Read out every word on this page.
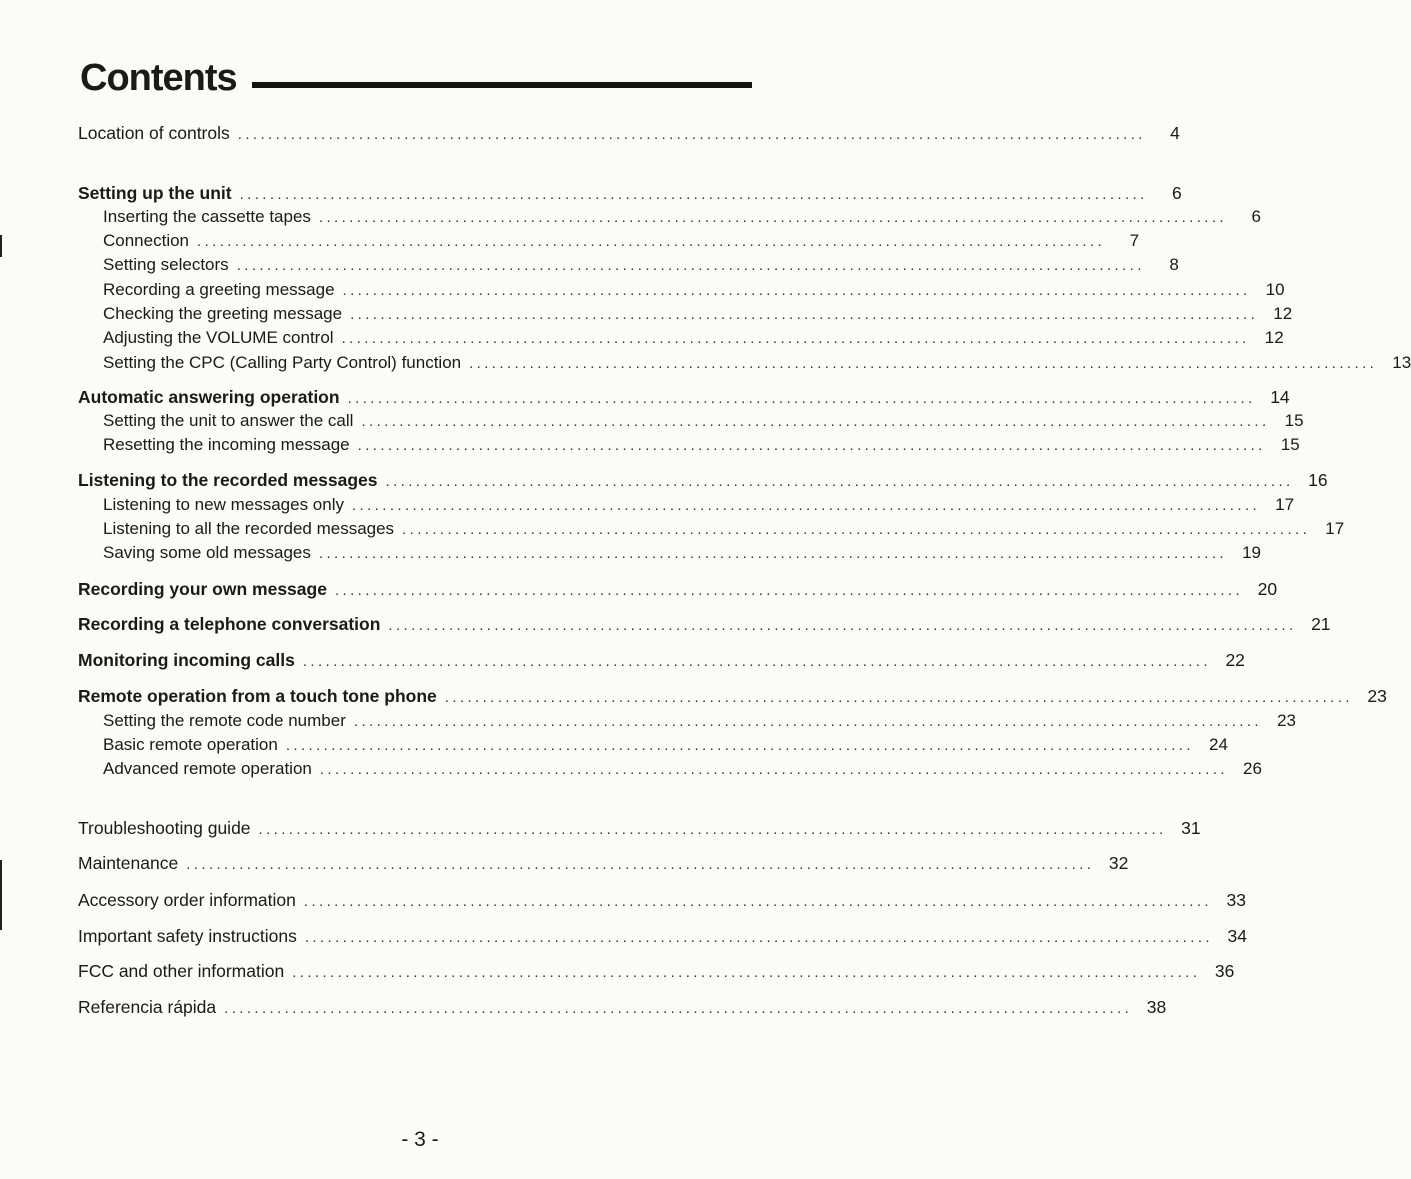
Contents
Location of controls ........................................................................................................................	4
Setting up the unit ........................................................................................................................	6
Inserting the cassette tapes ........................................................................................................................	6
Connection ........................................................................................................................	7
Setting selectors ........................................................................................................................	8
Recording a greeting message ........................................................................................................................ 10
Checking the greeting message ........................................................................................................................ 12
Adjusting the VOLUME control ........................................................................................................................ 12
Setting the CPC (Calling Party Control) function ........................................................................................................................ 13
Automatic answering operation ........................................................................................................................ 14
Setting the unit to answer the call ........................................................................................................................ 15
Resetting the incoming message ........................................................................................................................ 15
Listening to the recorded messages ........................................................................................................................ 16
Listening to new messages only ........................................................................................................................ 17
Listening to all the recorded messages ........................................................................................................................ 17
Saving some old messages ........................................................................................................................ 19
Recording your own message ........................................................................................................................ 20
Recording a telephone conversation ........................................................................................................................ 21
Monitoring incoming calls ........................................................................................................................ 22
Remote operation from a touch tone phone ........................................................................................................................ 23
Setting the remote code number ........................................................................................................................ 23
Basic remote operation ........................................................................................................................ 24
Advanced remote operation ........................................................................................................................ 26
Troubleshooting guide ........................................................................................................................ 31
Maintenance ........................................................................................................................ 32
Accessory order information ........................................................................................................................ 33
Important safety instructions ........................................................................................................................ 34
FCC and other information ........................................................................................................................ 36
Referencia rápida ........................................................................................................................ 38
- 3 -
